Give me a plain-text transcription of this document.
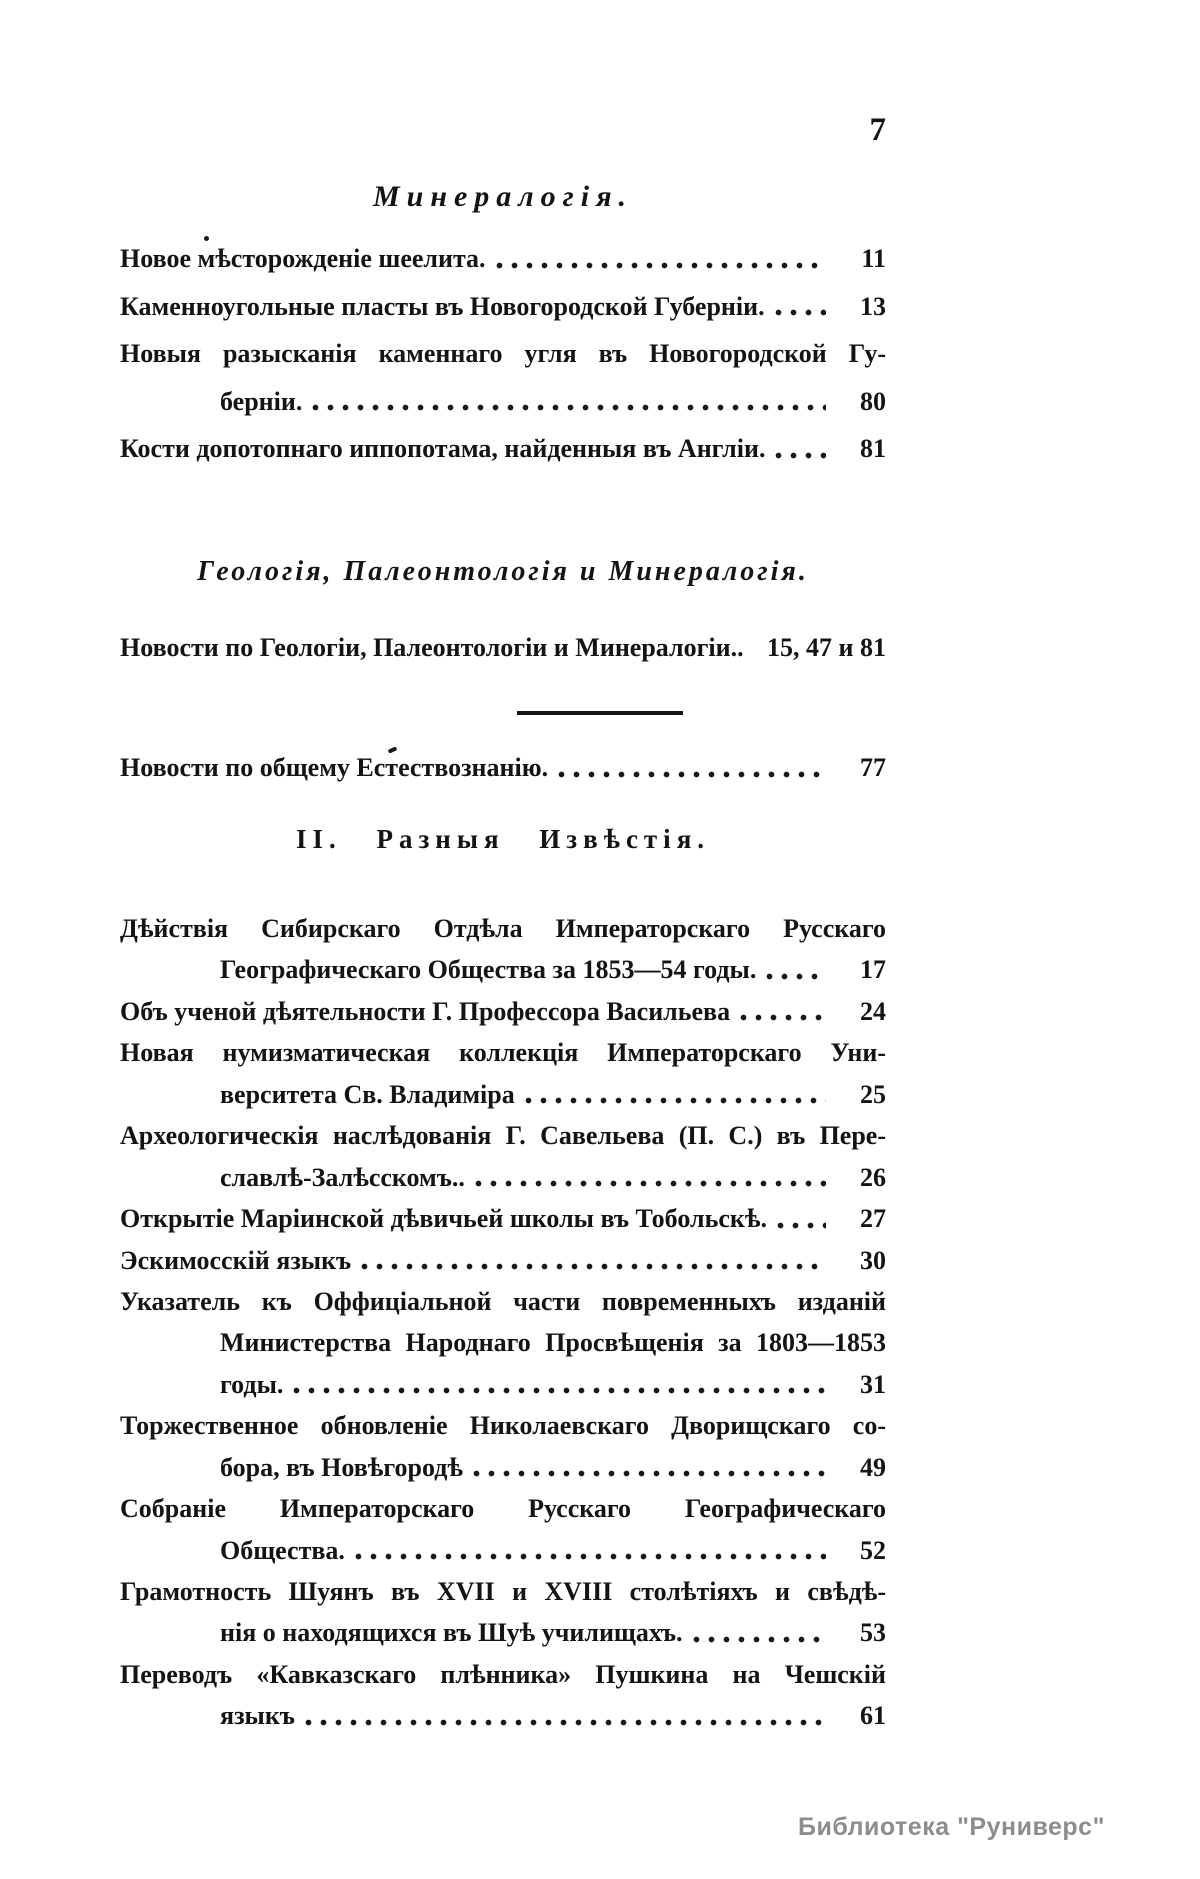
7
Минералогія.
Новое мѣсторожденіе шеелита.	11
Каменноугольные пласты въ Новогородской Губерніи.	13
Новыя разысканія каменнаго угля въ Новогородской Гу-
берніи.	80
Кости допотопнаго иппопотама, найденныя въ Англіи.	81
Геологія, Палеонтологія и Минералогія.
Новости по Геологіи, Палеонтологіи и Минералогіи.. 15, 47 и 81
Новости по общему Естествознанію.	77
II. Разныя Извѣстія.
Дѣйствія Сибирскаго Отдѣла Императорскаго Русскаго
Географическаго Общества за 1853—54 годы.	17
Объ ученой дѣятельности Г. Профессора Васильева	24
Новая нумизматическая коллекція Императорскаго Уни-
верситета Св. Владиміра	25
Археологическія наслѣдованія Г. Савельева (П. С.) въ Пере-
славлѣ-Залѣсскомъ..	26
Открытіе Маріинской дѣвичьей школы въ Тобольскѣ.	27
Эскимосскій языкъ	30
Указатель къ Оффиціальной части повременныхъ изданій
Министерства Народнаго Просвѣщенія за 1803—1853
годы.	31
Торжественное обновленіе Николаевскаго Дворищскаго со-
бора, въ Новѣгородѣ	49
Собраніе Императорскаго Русскаго Географическаго
Общества.	52
Грамотность Шуянъ въ XVII и XVIII столѣтіяхъ и свѣдѣ-
нія о находящихся въ Шуѣ училищахъ.	53
Переводъ «Кавказскаго плѣнника» Пушкина на Чешскій
языкъ	61
Библиотека "Руниверс"
